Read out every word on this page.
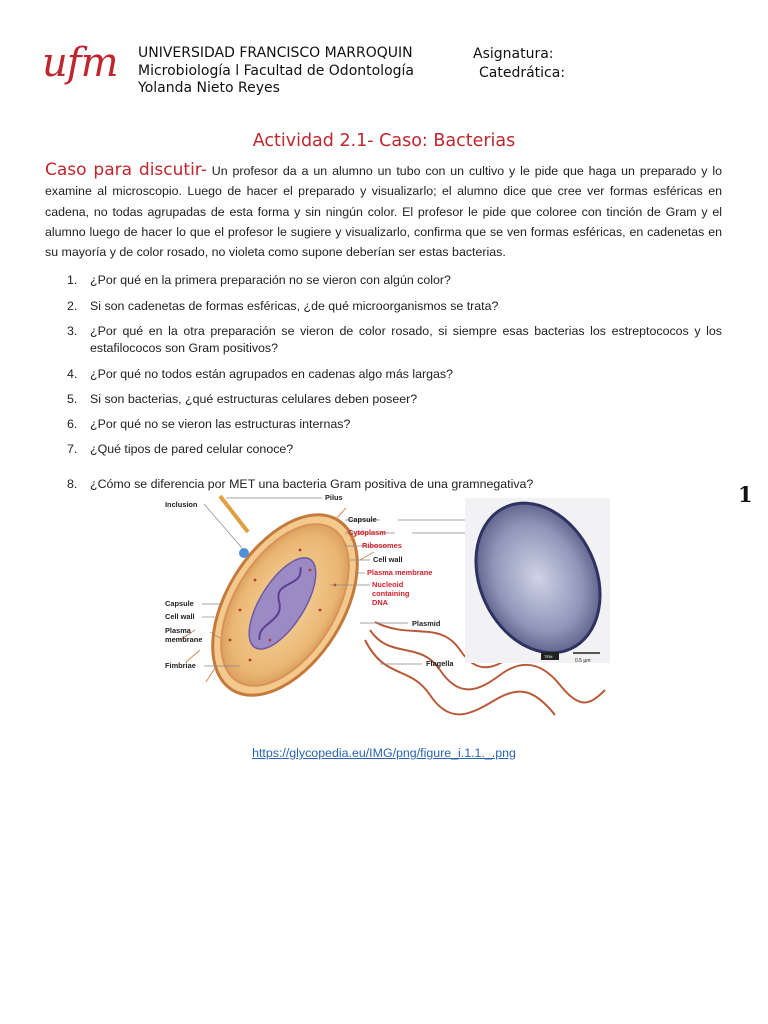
ufm UNIVERSIDAD FRANCISCO MARROQUIN
Microbiología l Facultad de Odontología
Yolanda Nieto Reyes
Asignatura:
Catedrática:
Actividad 2.1- Caso: Bacterias
Caso para discutir- Un profesor da a un alumno un tubo con un cultivo y le pide que haga un preparado y lo examine al microscopio. Luego de hacer el preparado y visualizarlo; el alumno dice que cree ver formas esféricas en cadena, no todas agrupadas de esta forma y sin ningún color. El profesor le pide que coloree con tinción de Gram y el alumno luego de hacer lo que el profesor le sugiere y visualizarlo, confirma que se ven formas esféricas, en cadenetas en su mayoría y de color rosado, no violeta como supone deberían ser estas bacterias.
1.	¿Por qué en la primera preparación no se vieron con algún color?
2.	Si son cadenetas de formas esféricas, ¿de qué microorganismos se trata?
3.	¿Por qué en la otra preparación se vieron de color rosado, si siempre esas bacterias los estreptococos y los estafilococos son Gram positivos?
4.	¿Por qué no todos están agrupados en cadenas algo más largas?
5.	Si son bacterias, ¿qué estructuras celulares deben poseer?
6.	¿Por qué no se vieron las estructuras internas?
7.	¿Qué tipos de pared celular conoce?
8.	¿Cómo se diferencia por MET una bacteria Gram positiva de una gramnegativa?	1
TEM
0.5 µm
Inclusion
Pilus
Capsule
Cytoplasm
Ribosomes
Cell wall
Plasma membrane
Nucleoid
containing
DNA
Plasmid
Flagella
Capsule
Cell wall
Plasma
membrane
Fimbriae
https://glycopedia.eu/IMG/png/figure_i.1.1._.png
